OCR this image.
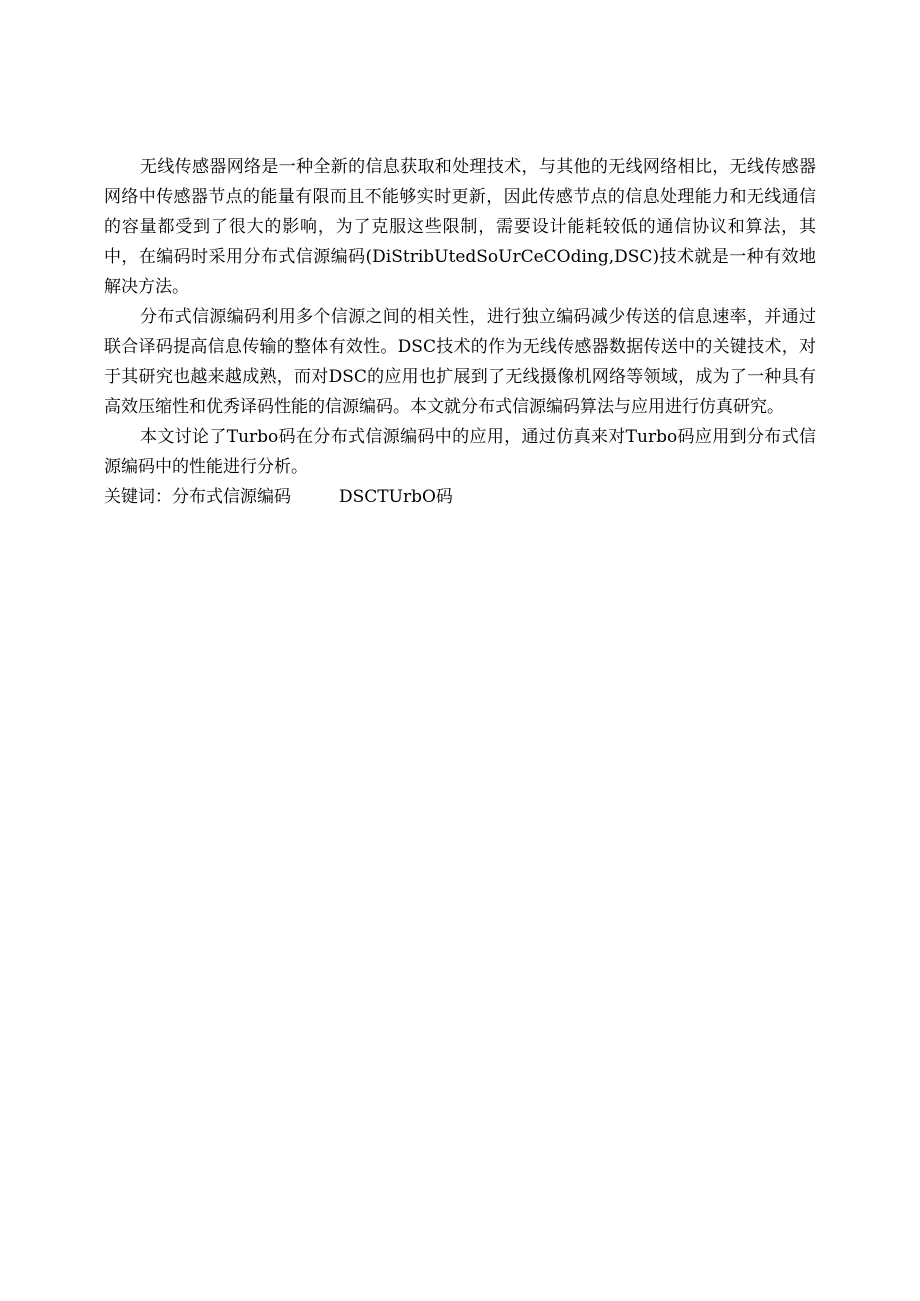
无线传感器网络是一种全新的信息获取和处理技术，与其他的无线网络相比，无线传感器网络中传感器节点的能量有限而且不能够实时更新，因此传感节点的信息处理能力和无线通信的容量都受到了很大的影响，为了克服这些限制，需要设计能耗较低的通信协议和算法，其中，在编码时采用分布式信源编码(DiStribUtedSoUrCeCOding,DSC)技术就是一种有效地解决方法。

分布式信源编码利用多个信源之间的相关性，进行独立编码减少传送的信息速率，并通过联合译码提高信息传输的整体有效性。DSC技术的作为无线传感器数据传送中的关键技术，对于其研究也越来越成熟，而对DSC的应用也扩展到了无线摄像机网络等领域，成为了一种具有高效压缩性和优秀译码性能的信源编码。本文就分布式信源编码算法与应用进行仿真研究。

本文讨论了Turbo码在分布式信源编码中的应用，通过仿真来对Turbo码应用到分布式信源编码中的性能进行分析。

关键词：分布式信源编码	DSCTUrbO码
